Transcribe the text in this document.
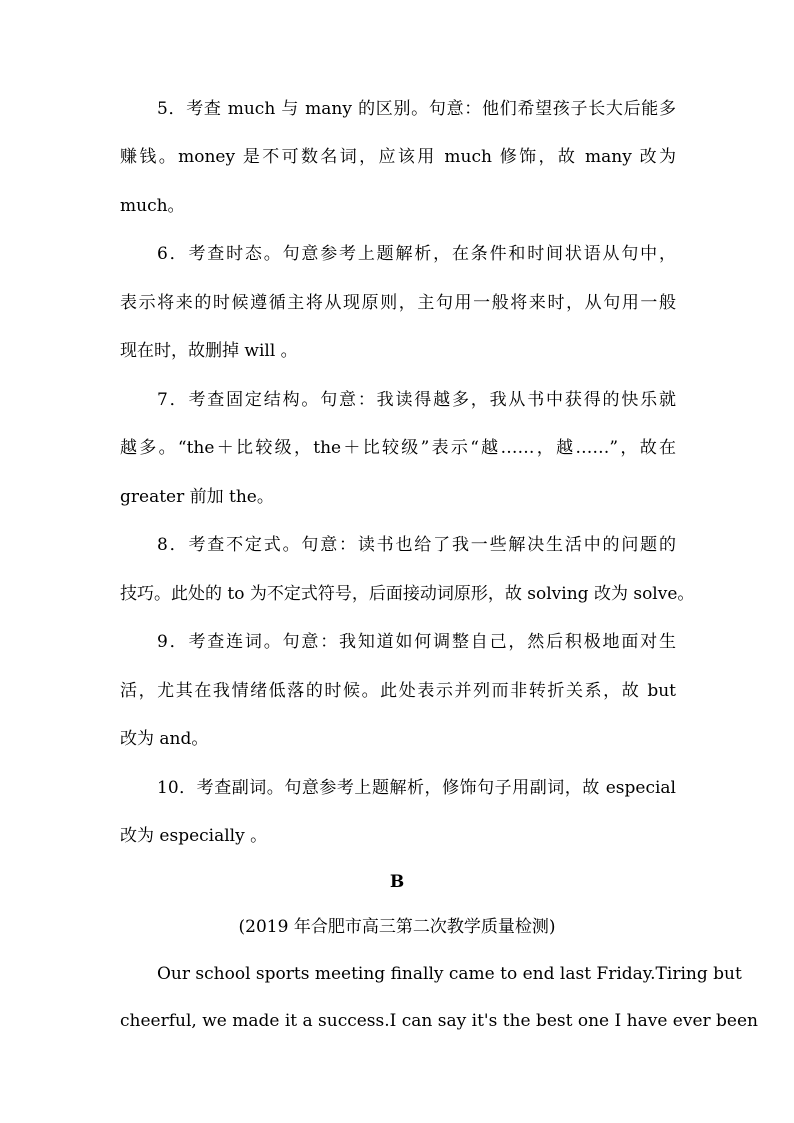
5．考查 much 与 many 的区别。句意：他们希望孩子长大后能多
赚钱。money 是不可数名词，应该用 much 修饰，故 many 改为
much。
6．考查时态。句意参考上题解析，在条件和时间状语从句中，
表示将来的时候遵循主将从现原则，主句用一般将来时，从句用一般
现在时，故删掉 will 。
7．考查固定结构。句意：我读得越多，我从书中获得的快乐就
越多。“the＋比较级，the＋比较级”表示“越……，越……”，故在
greater 前加 the。
8．考查不定式。句意：读书也给了我一些解决生活中的问题的
技巧。此处的 to 为不定式符号，后面接动词原形，故 solving 改为 solve。
9．考查连词。句意：我知道如何调整自己，然后积极地面对生
活，尤其在我情绪低落的时候。此处表示并列而非转折关系，故 but
改为 and。
10．考查副词。句意参考上题解析，修饰句子用副词，故 especial
改为 especially 。
B
(2019 年合肥市高三第二次教学质量检测)
Our school sports meeting finally came to end last Friday.Tiring but
cheerful, we made it a success.I can say it's the best one I have ever been
